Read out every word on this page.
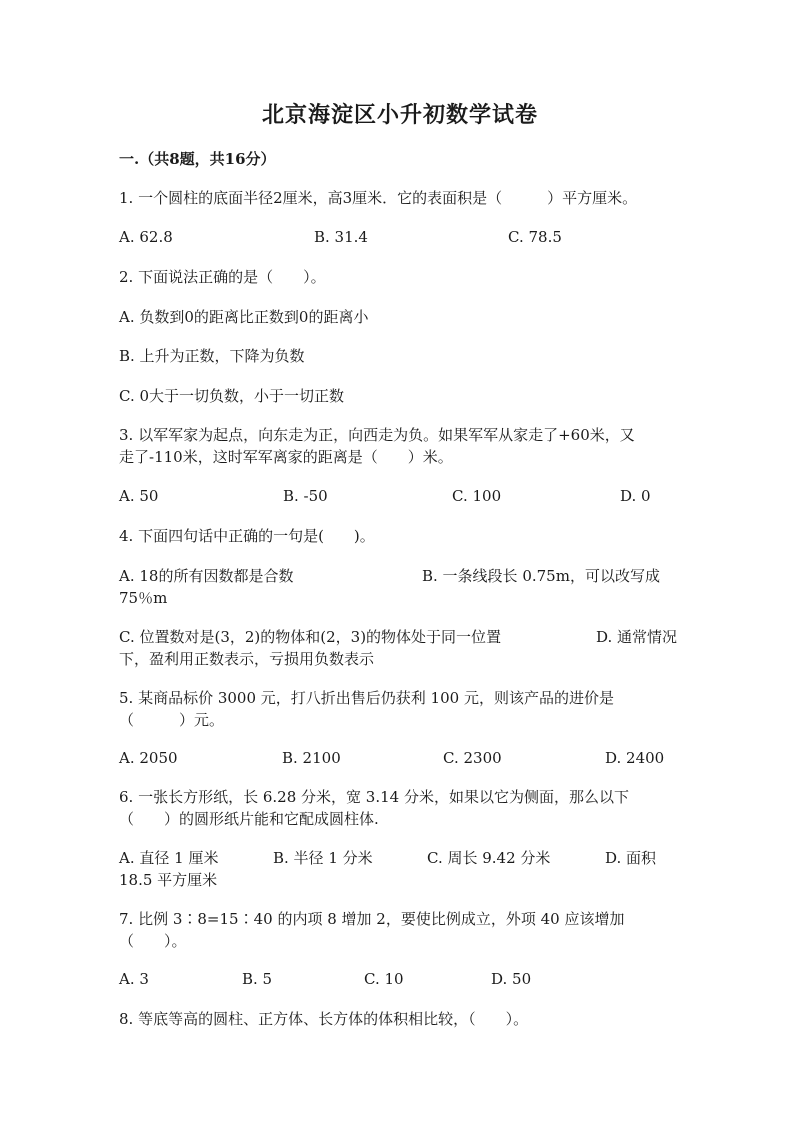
北京海淀区小升初数学试卷
一.（共8题，共16分）
1. 一个圆柱的底面半径2厘米，高3厘米．它的表面积是（　　　）平方厘米。
A. 62.8	B. 31.4	C. 78.5
2. 下面说法正确的是（　　）。
A. 负数到0的距离比正数到0的距离小
B. 上升为正数，下降为负数
C. 0大于一切负数，小于一切正数
3. 以军军家为起点，向东走为正，向西走为负。如果军军从家走了+60米，又
走了-110米，这时军军离家的距离是（　　）米。
A. 50	B. -50	C. 100	D. 0
4. 下面四句话中正确的一句是(　　)。
A. 18的所有因数都是合数	B. 一条线段长 0.75m，可以改写成
75％m
C. 位置数对是(3，2)的物体和(2，3)的物体处于同一位置	D. 通常情况
下，盈利用正数表示，亏损用负数表示
5. 某商品标价 3000 元，打八折出售后仍获利 100 元，则该产品的进价是
（　　　）元。
A. 2050	B. 2100	C. 2300	D. 2400
6. 一张长方形纸，长 6.28 分米，宽 3.14 分米，如果以它为侧面，那么以下
（　　）的圆形纸片能和它配成圆柱体.
A. 直径 1 厘米	B. 半径 1 分米	C. 周长 9.42 分米	D. 面积
18.5 平方厘米
7. 比例 3∶8=15∶40 的内项 8 增加 2，要使比例成立，外项 40 应该增加
（　　）。
A. 3	B. 5	C. 10	D. 50
8. 等底等高的圆柱、正方体、长方体的体积相比较，（　　）。
